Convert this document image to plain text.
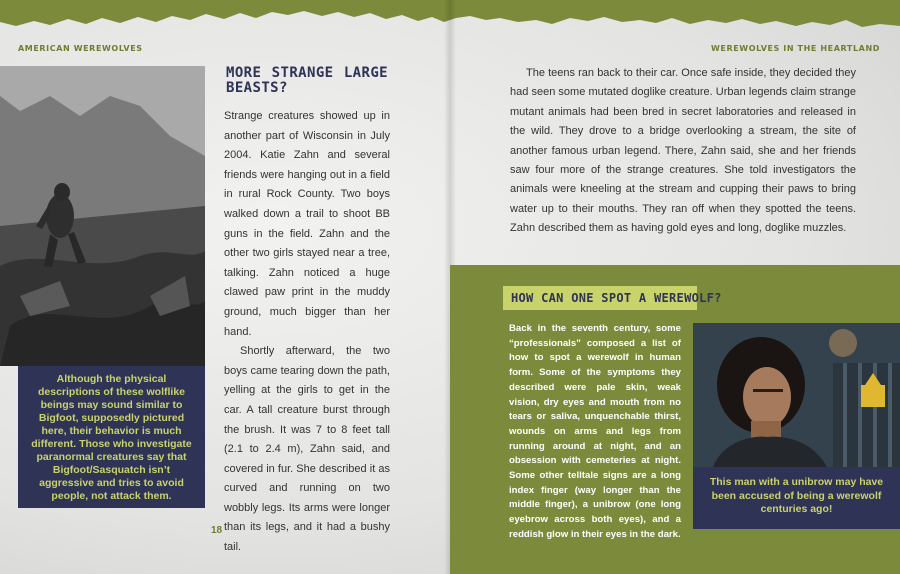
AMERICAN WEREWOLVES	WEREWOLVES IN THE HEARTLAND
Although the physical descriptions of these wolflike beings may sound similar to Bigfoot, supposedly pictured here, their behavior is much different. Those who investigate paranormal creatures say that Bigfoot/Sasquatch isn’t aggressive and tries to avoid people, not attack them.
18
MORE STRANGE LARGE
BEASTS?

Strange creatures showed up in another part of Wisconsin in July 2004. Katie Zahn and several friends were hanging out in a field in rural Rock County. Two boys walked down a trail to shoot BB guns in the field. Zahn and the other two girls stayed near a tree, talking. Zahn noticed a huge clawed paw print in the muddy ground, much bigger than her hand.

Shortly afterward, the two boys came tearing down the path, yelling at the girls to get in the car. A tall creature burst through the brush. It was 7 to 8 feet tall (2.1 to 2.4 m), Zahn said, and covered in fur. She described it as curved and running on two wobbly legs. Its arms were longer than its legs, and it had a bushy tail.

The teens ran back to their car. Once safe inside, they decided they had seen some mutated doglike creature. Urban legends claim strange mutant animals had been bred in secret laboratories and released in the wild. They drove to a bridge overlooking a stream, the site of another famous urban legend. There, Zahn said, she and her friends saw four more of the strange creatures. She told investigators the animals were kneeling at the stream and cupping their paws to bring water up to their mouths. They ran off when they spotted the teens. Zahn described them as having gold eyes and long, doglike muzzles.
HOW CAN ONE SPOT A WEREWOLF?
Back in the seventh century, some “professionals” composed a list of how to spot a werewolf in human form. Some of the symptoms they described were pale skin, weak vision, dry eyes and mouth from no tears or saliva, unquenchable thirst, wounds on arms and legs from running around at night, and an obsession with cemeteries at night. Some other telltale signs are a long index finger (way longer than the middle finger), a unibrow (one long eyebrow across both eyes), and a reddish glow in their eyes in the dark.
This man with a unibrow may have been accused of being a werewolf centuries ago!
